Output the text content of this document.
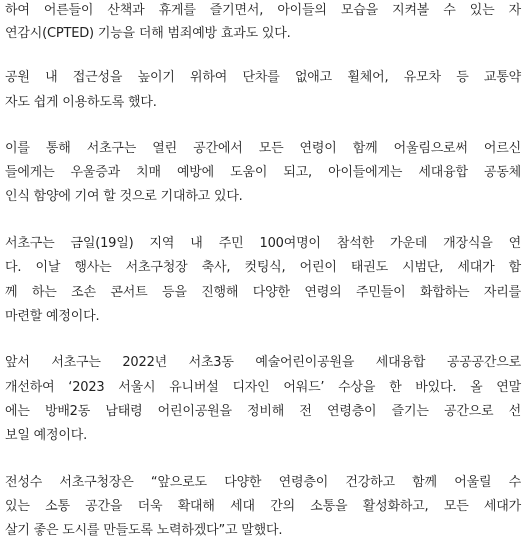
하여 어른들이 산책과 휴게를 즐기면서, 아이들의 모습을 지켜볼 수 있는 자
연감시(CPTED) 기능을 더해 범죄예방 효과도 있다.
공원 내 접근성을 높이기 위하여 단차를 없애고 휠체어, 유모차 등 교통약
자도 쉽게 이용하도록 했다.
이를 통해 서초구는 열린 공간에서 모든 연령이 함께 어울림으로써 어르신
들에게는 우울증과 치매 예방에 도움이 되고, 아이들에게는 세대융합 공동체
인식 함양에 기여 할 것으로 기대하고 있다.
서초구는 금일(19일) 지역 내 주민 100여명이 참석한 가운데 개장식을 연
다. 이날 행사는 서초구청장 축사, 컷팅식, 어린이 태권도 시범단, 세대가 함
께 하는 조손 콘서트 등을 진행해 다양한 연령의 주민들이 화합하는 자리를
마련할 예정이다.
앞서 서초구는 2022년 서초3동 예술어린이공원을 세대융합 공공공간으로
개선하여 ‘2023 서울시 유니버설 디자인 어워드’ 수상을 한 바있다. 올 연말
에는 방배2동 남태령 어린이공원을 정비해 전 연령층이 즐기는 공간으로 선
보일 예정이다.
전성수 서초구청장은 “앞으로도 다양한 연령층이 건강하고 함께 어울릴 수
있는 소통 공간을 더욱 확대해 세대 간의 소통을 활성화하고, 모든 세대가
살기 좋은 도시를 만들도록 노력하겠다”고 말했다.
